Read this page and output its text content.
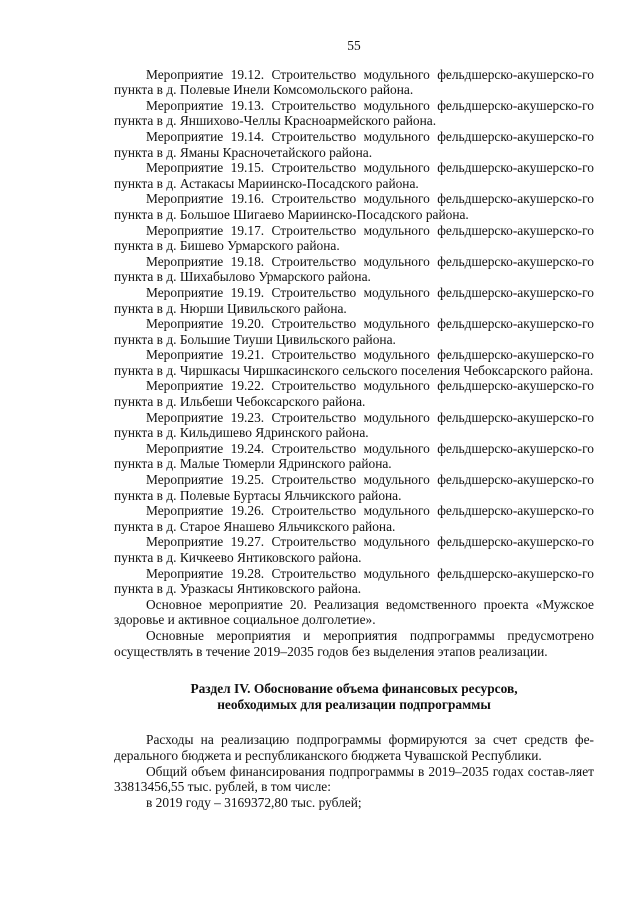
55

Мероприятие 19.12. Строительство модульного фельдшерско-акушерско-го пункта в д. Полевые Инели Комсомольского района.

Мероприятие 19.13. Строительство модульного фельдшерско-акушерско-го пункта в д. Яншихово-Челлы Красноармейского района.

Мероприятие 19.14. Строительство модульного фельдшерско-акушерско-го пункта в д. Яманы Красночетайского района.

Мероприятие 19.15. Строительство модульного фельдшерско-акушерско-го пункта в д. Астакасы Мариинско-Посадского района.

Мероприятие 19.16. Строительство модульного фельдшерско-акушерско-го пункта в д. Большое Шигаево Мариинско-Посадского района.

Мероприятие 19.17. Строительство модульного фельдшерско-акушерско-го пункта в д. Бишево Урмарского района.

Мероприятие 19.18. Строительство модульного фельдшерско-акушерско-го пункта в д. Шихабылово Урмарского района.

Мероприятие 19.19. Строительство модульного фельдшерско-акушерско-го пункта в д. Нюрши Цивильского района.

Мероприятие 19.20. Строительство модульного фельдшерско-акушерско-го пункта в д. Большие Тиуши Цивильского района.

Мероприятие 19.21. Строительство модульного фельдшерско-акушерско-го пункта в д. Чиршкасы Чиршкасинского сельского поселения Чебоксарского района.

Мероприятие 19.22. Строительство модульного фельдшерско-акушерско-го пункта в д. Ильбеши Чебоксарского района.

Мероприятие 19.23. Строительство модульного фельдшерско-акушерско-го пункта в д. Кильдишево Ядринского района.

Мероприятие 19.24. Строительство модульного фельдшерско-акушерско-го пункта в д. Малые Тюмерли Ядринского района.

Мероприятие 19.25. Строительство модульного фельдшерско-акушерско-го пункта в д. Полевые Буртасы Яльчикского района.

Мероприятие 19.26. Строительство модульного фельдшерско-акушерско-го пункта в д. Старое Янашево Яльчикского района.

Мероприятие 19.27. Строительство модульного фельдшерско-акушерско-го пункта в д. Кичкеево Янтиковского района.

Мероприятие 19.28. Строительство модульного фельдшерско-акушерско-го пункта в д. Уразкасы Янтиковского района.

Основное мероприятие 20. Реализация ведомственного проекта «Мужское здоровье и активное социальное долголетие».

Основные мероприятия и мероприятия подпрограммы предусмотрено осуществлять в течение 2019–2035 годов без выделения этапов реализации.

Раздел IV. Обоснование объема финансовых ресурсов,
необходимых для реализации подпрограммы

Расходы на реализацию подпрограммы формируются за счет средств фе-дерального бюджета и республиканского бюджета Чувашской Республики.

Общий объем финансирования подпрограммы в 2019–2035 годах состав-ляет 33813456,55 тыс. рублей, в том числе:

в 2019 году – 3169372,80 тыс. рублей;
